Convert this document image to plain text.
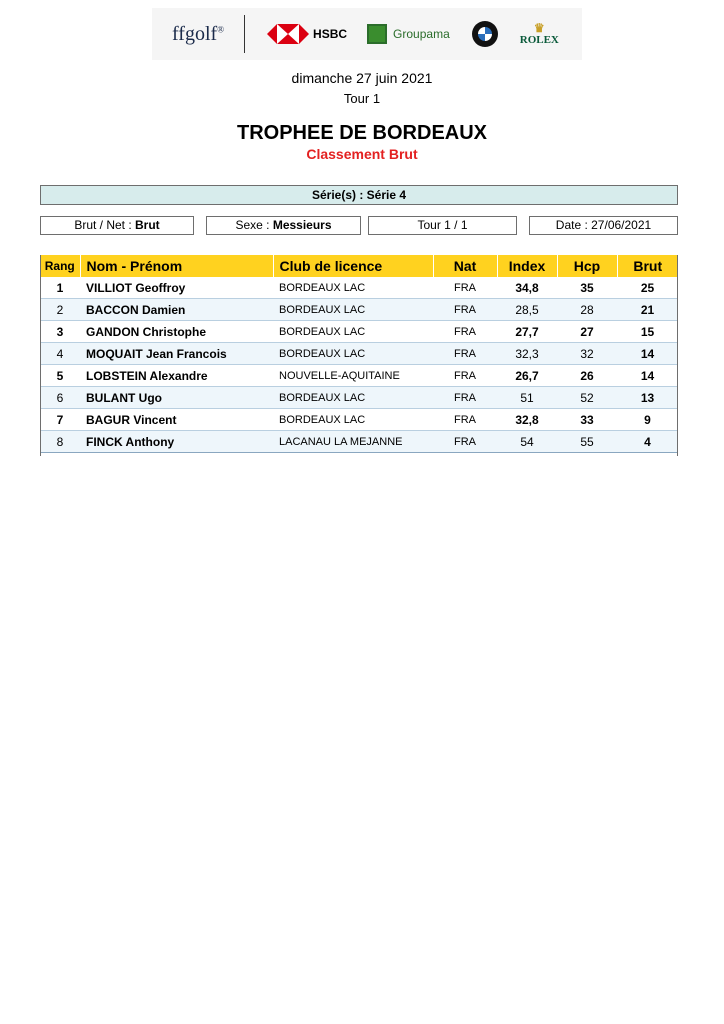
ffgolf®	HSBC	Groupama	♛
ROLEX
dimanche 27 juin 2021
Tour 1
TROPHEE DE BORDEAUX
Classement Brut
Série(s) : Série 4
Brut / Net : Brut	Sexe : Messieurs	Tour 1 / 1	Date : 27/06/2021
Rang	Nom - Prénom	Club de licence	Nat	Index	Hcp	Brut
1	VILLIOT Geoffroy	BORDEAUX LAC	FRA	34,8	35	25
2	BACCON Damien	BORDEAUX LAC	FRA	28,5	28	21
3	GANDON Christophe	BORDEAUX LAC	FRA	27,7	27	15
4	MOQUAIT Jean Francois	BORDEAUX LAC	FRA	32,3	32	14
5	LOBSTEIN Alexandre	NOUVELLE-AQUITAINE	FRA	26,7	26	14
6	BULANT Ugo	BORDEAUX LAC	FRA	51	52	13
7	BAGUR Vincent	BORDEAUX LAC	FRA	32,8	33	9
8	FINCK Anthony	LACANAU LA MEJANNE	FRA	54	55	4
